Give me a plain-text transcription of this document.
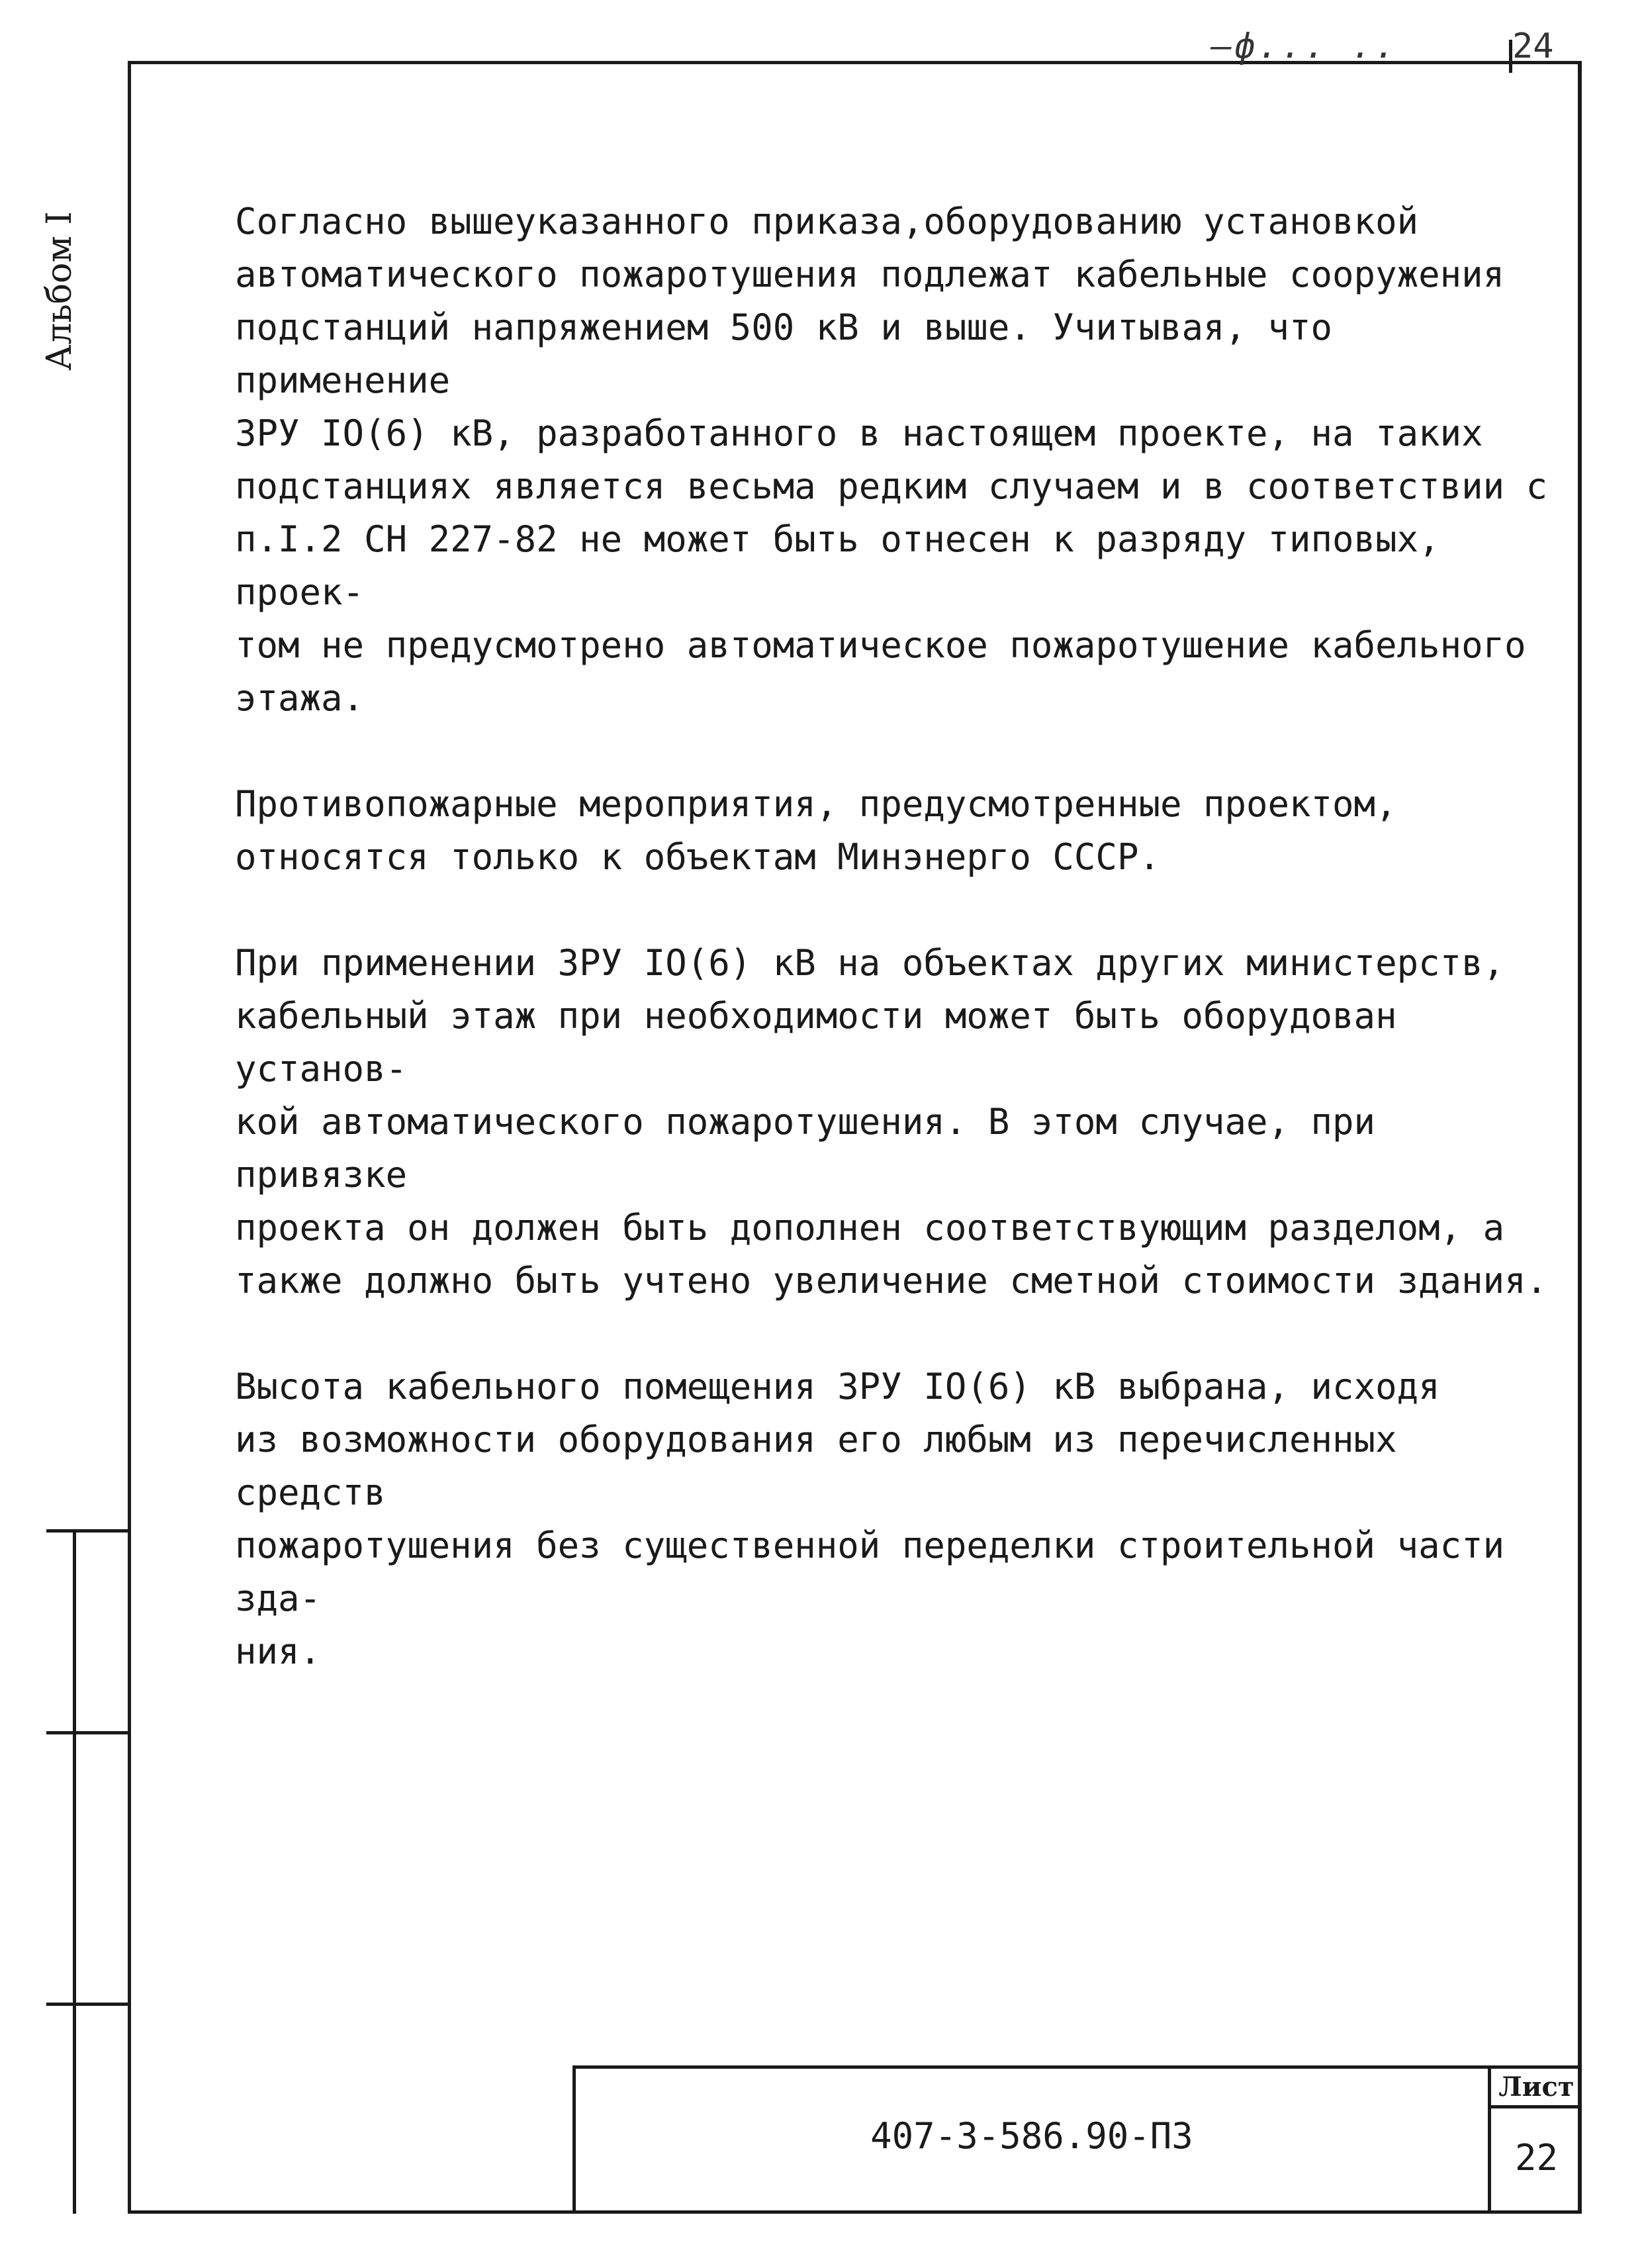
—ф... ..	24
Альбом I	Согласно вышеуказанного приказа,оборудованию установкой
автоматического пожаротушения подлежат кабельные сооружения
подстанций напряжением 500 кВ и выше. Учитывая, что применение
ЗРУ IO(6) кВ, разработанного в настоящем проекте, на таких
подстанциях является весьма редким случаем и в соответствии с
п.I.2 СН 227-82 не может быть отнесен к разряду типовых, проек-
том не предусмотрено автоматическое пожаротушение кабельного
этажа.

Противопожарные мероприятия, предусмотренные проектом,
относятся только к объектам Минэнерго СССР.

При применении ЗРУ IO(6) кВ на объектах других министерств,
кабельный этаж при необходимости может быть оборудован установ-
кой автоматического пожаротушения. В этом случае, при привязке
проекта он должен быть дополнен соответствующим разделом, а
также должно быть учтено увеличение сметной стоимости здания.

Высота кабельного помещения ЗРУ IO(6) кВ выбрана, исходя
из возможности оборудования его любым из перечисленных средств
пожаротушения без существенной переделки строительной части зда-
ния.

407-3-586.90-ПЗ
Лист
22
